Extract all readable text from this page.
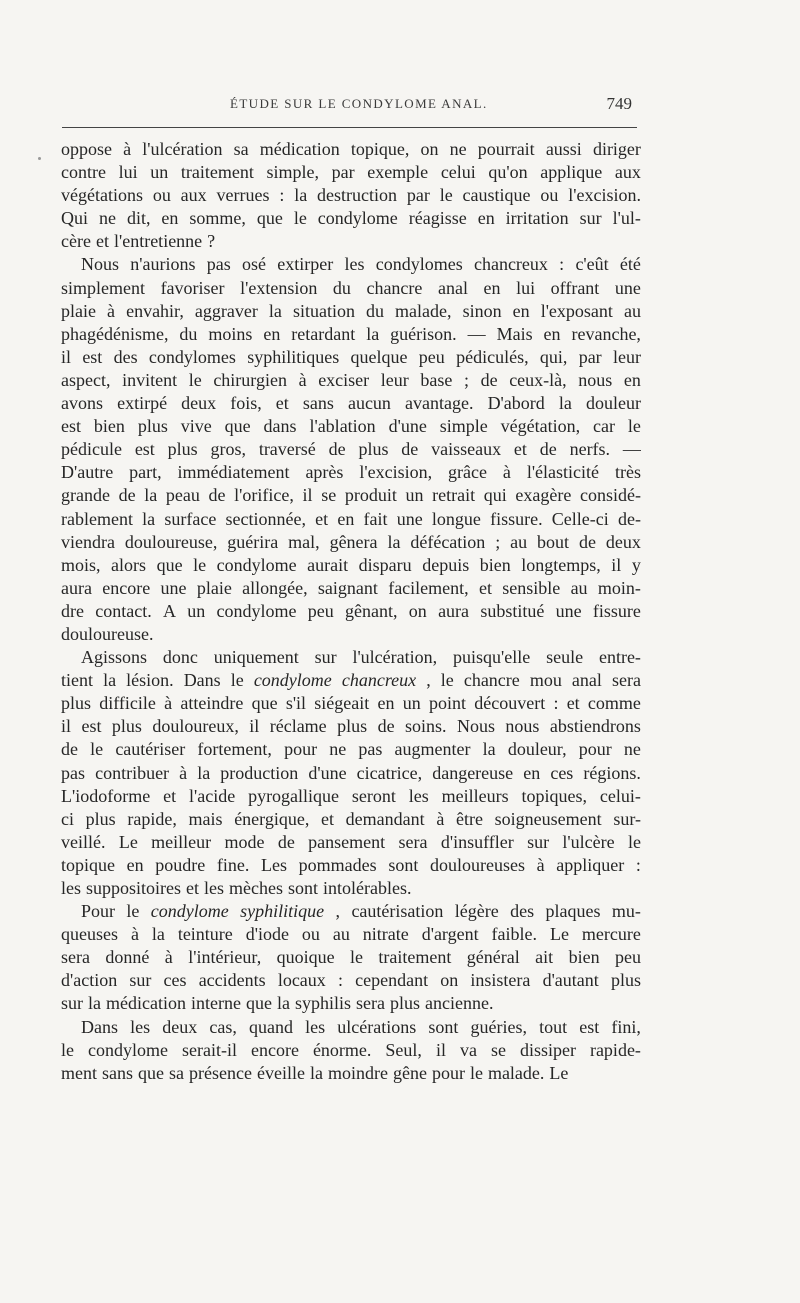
ÉTUDE SUR LE CONDYLOME ANAL.	749
oppose à l'ulcération sa médication topique, on ne pourrait aussi diriger
contre lui un traitement simple, par exemple celui qu'on applique aux
végétations ou aux verrues : la destruction par le caustique ou l'excision.
Qui ne dit, en somme, que le condylome réagisse en irritation sur l'ul-
cère et l'entretienne ?
Nous n'aurions pas osé extirper les condylomes chancreux : c'eût été
simplement favoriser l'extension du chancre anal en lui offrant une
plaie à envahir, aggraver la situation du malade, sinon en l'exposant au
phagédénisme, du moins en retardant la guérison. — Mais en revanche,
il est des condylomes syphilitiques quelque peu pédiculés, qui, par leur
aspect, invitent le chirurgien à exciser leur base ; de ceux-là, nous en
avons extirpé deux fois, et sans aucun avantage. D'abord la douleur
est bien plus vive que dans l'ablation d'une simple végétation, car le
pédicule est plus gros, traversé de plus de vaisseaux et de nerfs. —
D'autre part, immédiatement après l'excision, grâce à l'élasticité très
grande de la peau de l'orifice, il se produit un retrait qui exagère considé-
rablement la surface sectionnée, et en fait une longue fissure. Celle-ci de-
viendra douloureuse, guérira mal, gênera la défécation ; au bout de deux
mois, alors que le condylome aurait disparu depuis bien longtemps, il y
aura encore une plaie allongée, saignant facilement, et sensible au moin-
dre contact. A un condylome peu gênant, on aura substitué une fissure
douloureuse.
Agissons donc uniquement sur l'ulcération, puisqu'elle seule entre-
tient la lésion. Dans le condylome chancreux , le chancre mou anal sera
plus difficile à atteindre que s'il siégeait en un point découvert : et comme
il est plus douloureux, il réclame plus de soins. Nous nous abstiendrons
de le cautériser fortement, pour ne pas augmenter la douleur, pour ne
pas contribuer à la production d'une cicatrice, dangereuse en ces régions.
L'iodoforme et l'acide pyrogallique seront les meilleurs topiques, celui-
ci plus rapide, mais énergique, et demandant à être soigneusement sur-
veillé. Le meilleur mode de pansement sera d'insuffler sur l'ulcère le
topique en poudre fine. Les pommades sont douloureuses à appliquer :
les suppositoires et les mèches sont intolérables.
Pour le condylome syphilitique , cautérisation légère des plaques mu-
queuses à la teinture d'iode ou au nitrate d'argent faible. Le mercure
sera donné à l'intérieur, quoique le traitement général ait bien peu
d'action sur ces accidents locaux : cependant on insistera d'autant plus
sur la médication interne que la syphilis sera plus ancienne.
Dans les deux cas, quand les ulcérations sont guéries, tout est fini,
le condylome serait-il encore énorme. Seul, il va se dissiper rapide-
ment sans que sa présence éveille la moindre gêne pour le malade. Le
